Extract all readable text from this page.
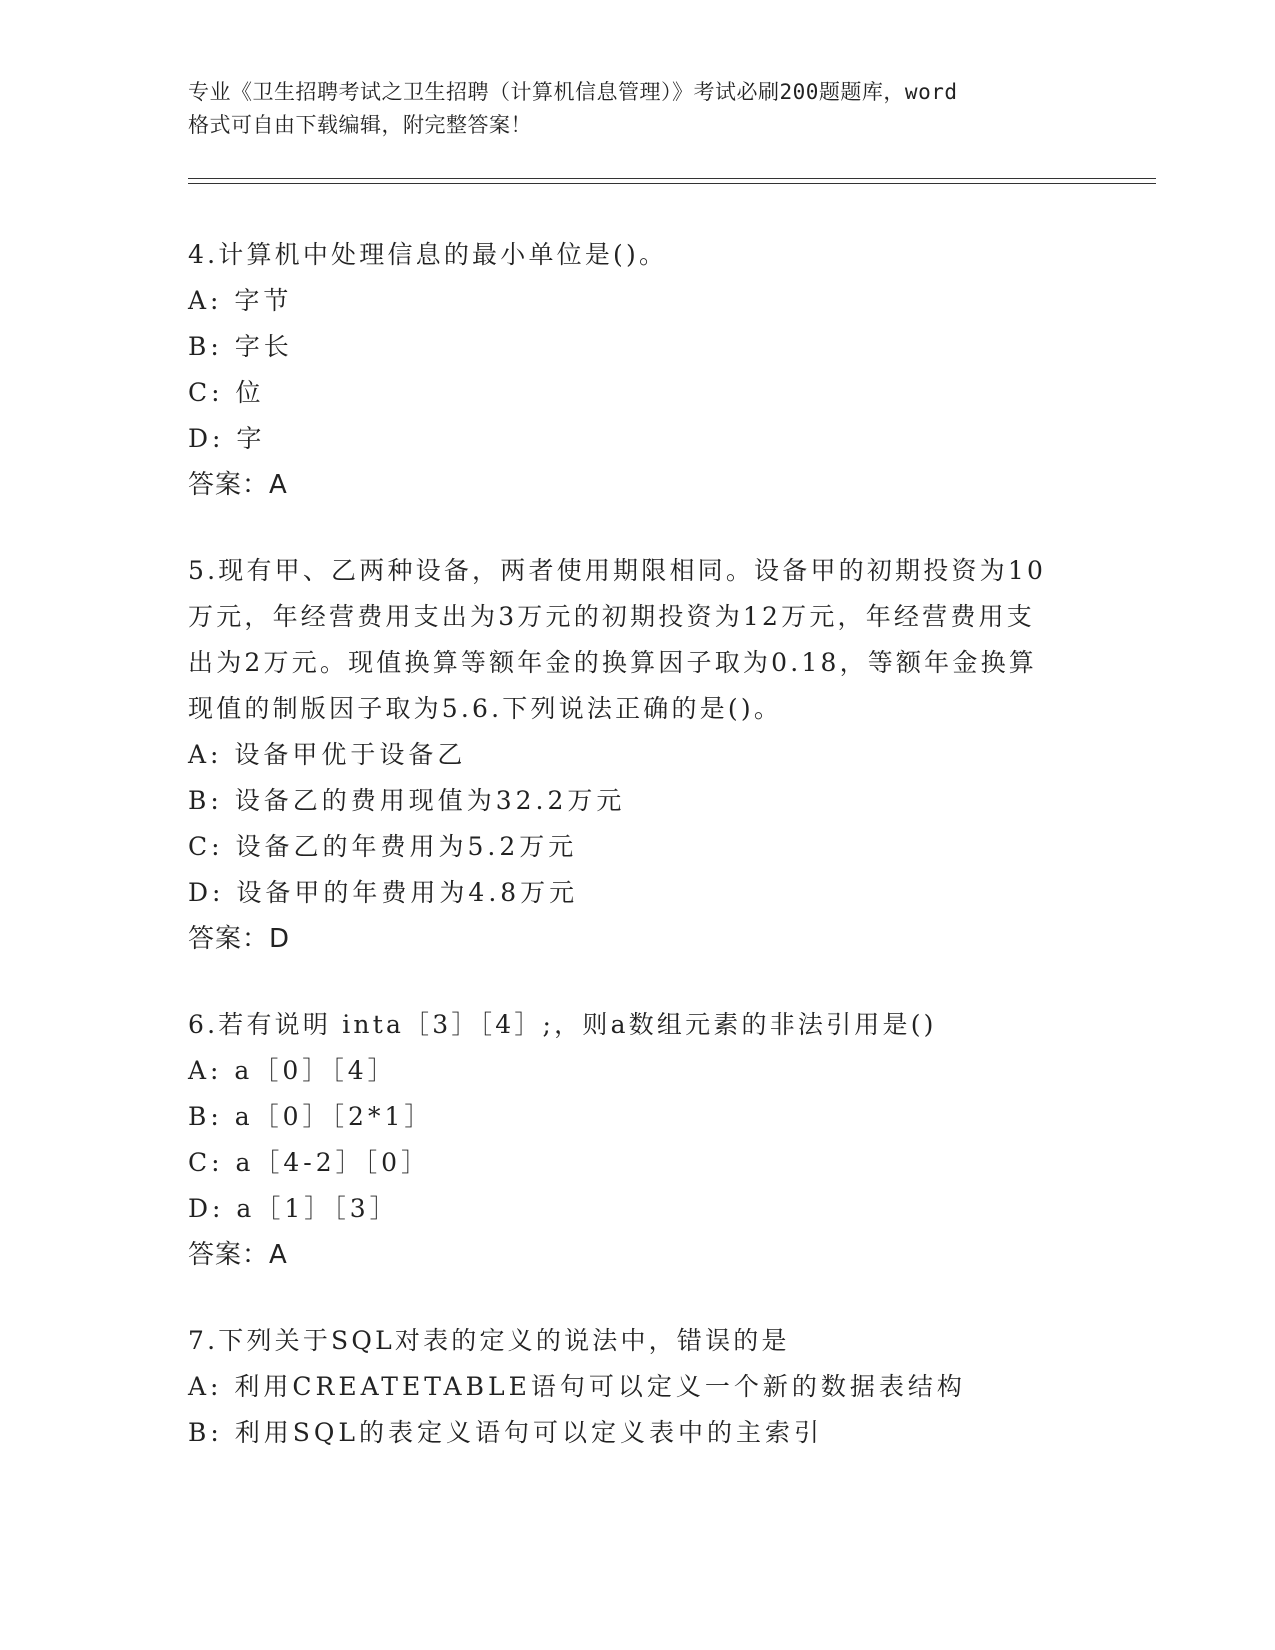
专业《卫生招聘考试之卫生招聘（计算机信息管理）》考试必刷200题题库，word
格式可自由下载编辑，附完整答案！
4.计算机中处理信息的最小单位是()。
A: 字节
B: 字长
C: 位
D: 字
答案：A
5.现有甲、乙两种设备，两者使用期限相同。设备甲的初期投资为10
万元，年经营费用支出为3万元的初期投资为12万元，年经营费用支
出为2万元。现值换算等额年金的换算因子取为0.18，等额年金换算
现值的制版因子取为5.6.下列说法正确的是()。
A: 设备甲优于设备乙
B: 设备乙的费用现值为32.2万元
C: 设备乙的年费用为5.2万元
D: 设备甲的年费用为4.8万元
答案：D
6.若有说明 inta［3］［4］;，则a数组元素的非法引用是()
A: a［0］［4］
B: a［0］［2*1］
C: a［4-2］［0］
D: a［1］［3］
答案：A
7.下列关于SQL对表的定义的说法中，错误的是
A: 利用CREATETABLE语句可以定义一个新的数据表结构
B: 利用SQL的表定义语句可以定义表中的主索引
